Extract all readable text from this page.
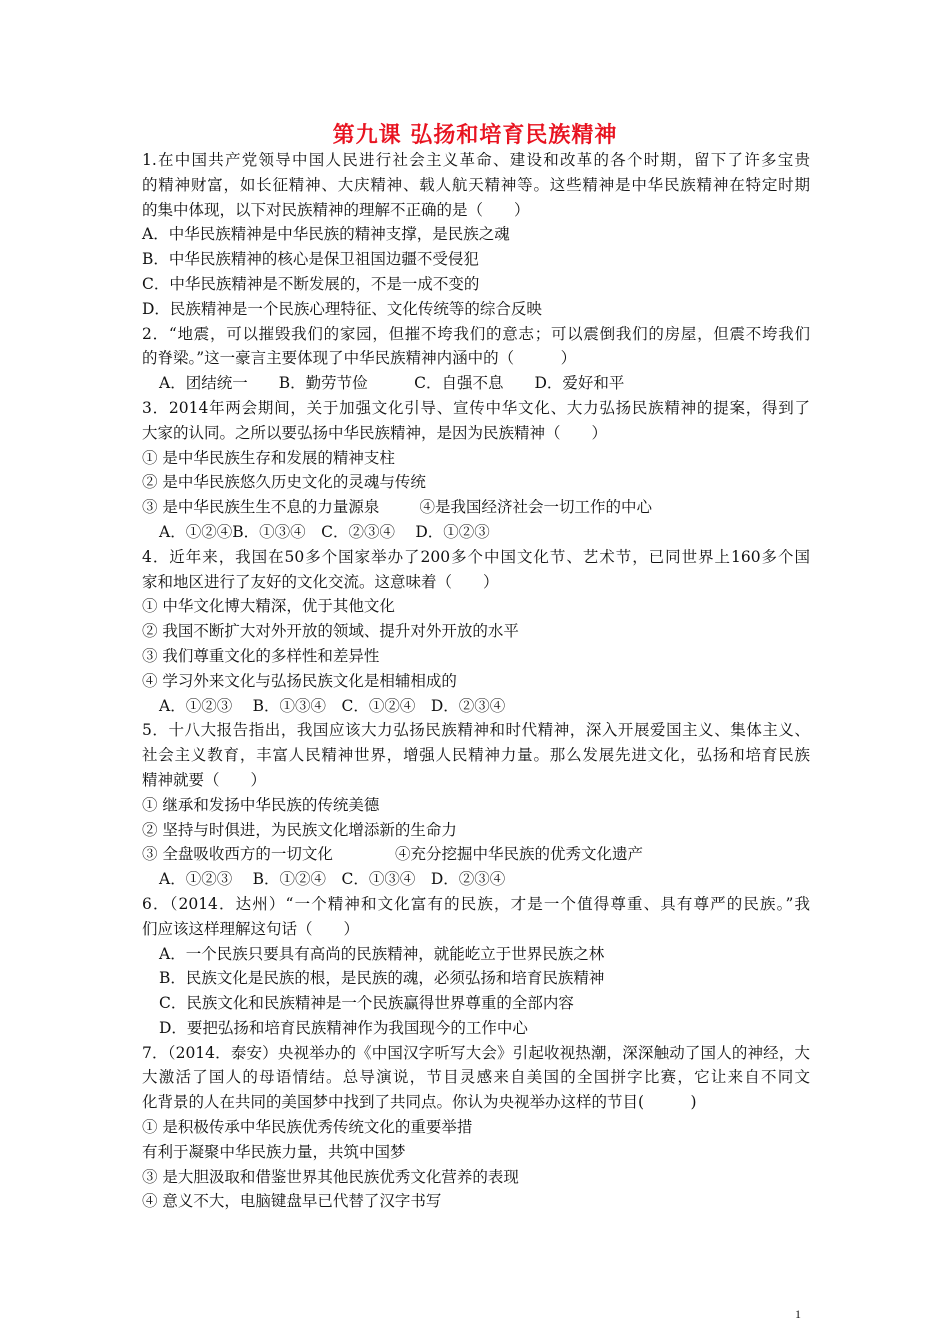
第九课 弘扬和培育民族精神
1.在中国共产党领导中国人民进行社会主义革命、建设和改革的各个时期，留下了许多宝贵
的精神财富，如长征精神、大庆精神、载人航天精神等。这些精神是中华民族精神在特定时期
的集中体现，以下对民族精神的理解不正确的是（　　）
A．中华民族精神是中华民族的精神支撑，是民族之魂
B．中华民族精神的核心是保卫祖国边疆不受侵犯
C．中华民族精神是不断发展的，不是一成不变的
D．民族精神是一个民族心理特征、文化传统等的综合反映
2．“地震，可以摧毁我们的家园，但摧不垮我们的意志；可以震倒我们的房屋，但震不垮我们
的脊梁。”这一豪言主要体现了中华民族精神内涵中的（　　　）
A．团结统一　　B．勤劳节俭　　　C．自强不息　　D．爱好和平
3．2014年两会期间，关于加强文化引导、宣传中华文化、大力弘扬民族精神的提案，得到了
大家的认同。之所以要弘扬中华民族精神，是因为民族精神（　　）
① 是中华民族生存和发展的精神支柱
② 是中华民族悠久历史文化的灵魂与传统
③ 是中华民族生生不息的力量源泉	④是我国经济社会一切工作的中心
A．①②④B．①③④　C．②③④　 D．①②③
4．近年来，我国在50多个国家举办了200多个中国文化节、艺术节，已同世界上160多个国
家和地区进行了友好的文化交流。这意味着（　　）
① 中华文化博大精深，优于其他文化
② 我国不断扩大对外开放的领域、提升对外开放的水平
③ 我们尊重文化的多样性和差异性
④ 学习外来文化与弘扬民族文化是相辅相成的
A．①②③　 B．①③④　C．①②④　D．②③④
5．十八大报告指出，我国应该大力弘扬民族精神和时代精神，深入开展爱国主义、集体主义、
社会主义教育，丰富人民精神世界，增强人民精神力量。那么发展先进文化，弘扬和培育民族
精神就要（　　）
① 继承和发扬中华民族的传统美德
② 坚持与时俱进，为民族文化增添新的生命力
③ 全盘吸收西方的一切文化	④充分挖掘中华民族的优秀文化遗产
A．①②③　 B．①②④　C．①③④　D．②③④
6．（2014．达州）“一个精神和文化富有的民族，才是一个值得尊重、具有尊严的民族。”我
们应该这样理解这句话（　　）
A．一个民族只要具有高尚的民族精神，就能屹立于世界民族之林
B．民族文化是民族的根，是民族的魂，必须弘扬和培育民族精神
C．民族文化和民族精神是一个民族赢得世界尊重的全部内容
D．要把弘扬和培育民族精神作为我国现今的工作中心
7．（2014．泰安）央视举办的《中国汉字听写大会》引起收视热潮，深深触动了国人的神经，大
大激活了国人的母语情结。总导演说，节目灵感来自美国的全国拼字比赛，它让来自不同文
化背景的人在共同的美国梦中找到了共同点。你认为央视举办这样的节目(　　　)
① 是积极传承中华民族优秀传统文化的重要举措
有利于凝聚中华民族力量，共筑中国梦
③ 是大胆汲取和借鉴世界其他民族优秀文化营养的表现
④ 意义不大，电脑键盘早已代替了汉字书写
1
